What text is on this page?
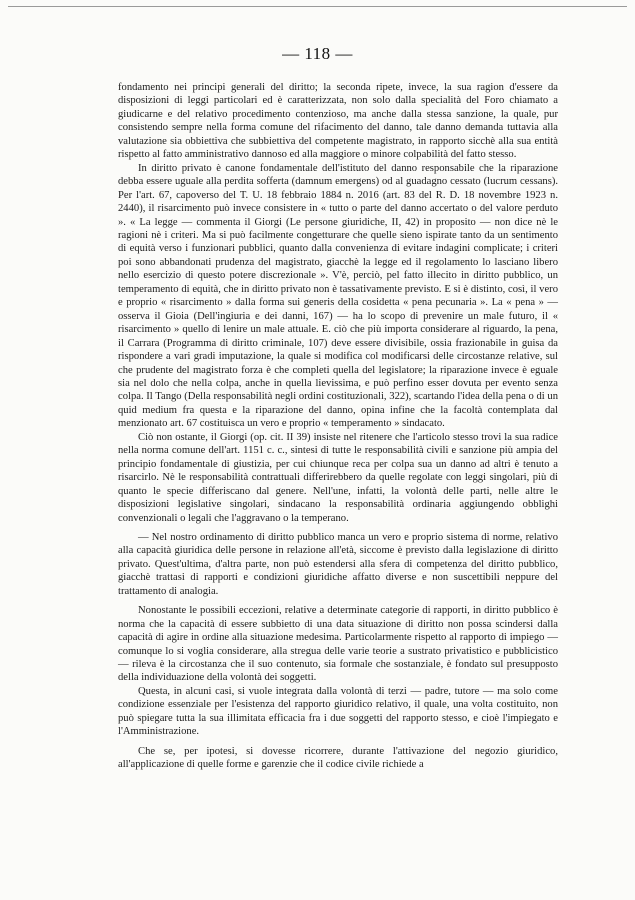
— 118 —

fondamento nei principi generali del diritto; la seconda ripete, invece, la sua ragion d'essere da disposizioni di leggi particolari ed è caratterizzata, non solo dalla specialità del Foro chiamato a giudicarne e del relativo procedimento contenzioso, ma anche dalla stessa sanzione, la quale, pur consistendo sempre nella forma comune del rifacimento del danno, tale danno demanda tuttavia alla valutazione sia obbiettiva che subbiettiva del competente magistrato, in rapporto sicchè alla sua entità rispetto al fatto amministrativo dannoso ed alla maggiore o minore colpabilità del fatto stesso.

In diritto privato è canone fondamentale dell'istituto del danno responsabile che la riparazione debba essere uguale alla perdita sofferta (damnum emergens) od al guadagno cessato (lucrum cessans). Per l'art. 67, capoverso del T. U. 18 febbraio 1884 n. 2016 (art. 83 del R. D. 18 novembre 1923 n. 2440), il risarcimento può invece consistere in « tutto o parte del danno accertato o del valore perduto ». « La legge — commenta il Giorgi (Le persone giuridiche, II, 42) in proposito — non dice nè le ragioni nè i criteri. Ma si può facilmente congetturare che quelle sieno ispirate tanto da un sentimento di equità verso i funzionari pubblici, quanto dalla convenienza di evitare indagini complicate; i criteri poi sono abbandonati prudenza del magistrato, giacchè la legge ed il regolamento lo lasciano libero nello esercizio di questo potere discrezionale ». V'è, perciò, pel fatto illecito in diritto pubblico, un temperamento di equità, che in diritto privato non è tassativamente previsto. E si è distinto, così, il vero e proprio « risarcimento » dalla forma sui generis della cosidetta « pena pecunaria ». La « pena » — osserva il Gioia (Dell'ingiuria e dei danni, 167) — ha lo scopo di prevenire un male futuro, il « risarcimento » quello di lenire un male attuale. E. ciò che più importa considerare al riguardo, la pena, il Carrara (Programma di diritto criminale, 107) deve essere divisibile, ossia frazionabile in guisa da rispondere a vari gradi imputazione, la quale si modifica col modificarsi delle circostanze relative, sul che prudente del magistrato forza è che completi quella del legislatore; la riparazione invece è eguale sia nel dolo che nella colpa, anche in quella lievissima, e può perfino esser dovuta per evento senza colpa. Il Tango (Della responsabilità negli ordini costituzionali, 322), scartando l'idea della pena o di un quid medium fra questa e la riparazione del danno, opina infine che la facoltà contemplata dal menzionato art. 67 costituisca un vero e proprio « temperamento » sindacato.

Ciò non ostante, il Giorgi (op. cit. II 39) insiste nel ritenere che l'articolo stesso trovi la sua radice nella norma comune dell'art. 1151 c. c., sintesi di tutte le responsabilità civili e sanzione più ampia del principio fondamentale di giustizia, per cui chiunque reca per colpa sua un danno ad altri è tenuto a risarcirlo. Nè le responsabilità contrattuali differirebbero da quelle regolate con leggi singolari, più di quanto le specie differiscano dal genere. Nell'une, infatti, la volontà delle parti, nelle altre le disposizioni legislative singolari, sindacano la responsabilità ordinaria aggiungendo obblighi convenzionali o legali che l'aggravano o la temperano.

— Nel nostro ordinamento di diritto pubblico manca un vero e proprio sistema di norme, relativo alla capacità giuridica delle persone in relazione all'età, siccome è previsto dalla legislazione di diritto privato. Quest'ultima, d'altra parte, non può estendersi alla sfera di competenza del diritto pubblico, giacchè trattasi di rapporti e condizioni giuridiche affatto diverse e non suscettibili neppure del trattamento di analogia.

Nonostante le possibili eccezioni, relative a determinate categorie di rapporti, in diritto pubblico è norma che la capacità di essere subbietto di una data situazione di diritto non possa scindersi dalla capacità di agire in ordine alla situazione medesima. Particolarmente rispetto al rapporto di impiego — comunque lo si voglia considerare, alla stregua delle varie teorie a sustrato privatistico e pubblicistico — rileva è la circostanza che il suo contenuto, sia formale che sostanziale, è fondato sul presupposto della individuazione della volontà dei soggetti.

Questa, in alcuni casi, si vuole integrata dalla volontà di terzi — padre, tutore — ma solo come condizione essenziale per l'esistenza del rapporto giuridico relativo, il quale, una volta costituito, non può spiegare tutta la sua illimitata efficacia fra i due soggetti del rapporto stesso, e cioè l'impiegato e l'Amministrazione.

Che se, per ipotesi, si dovesse ricorrere, durante l'attivazione del negozio giuridico, all'applicazione di quelle forme e garenzie che il codice civile richiede a
